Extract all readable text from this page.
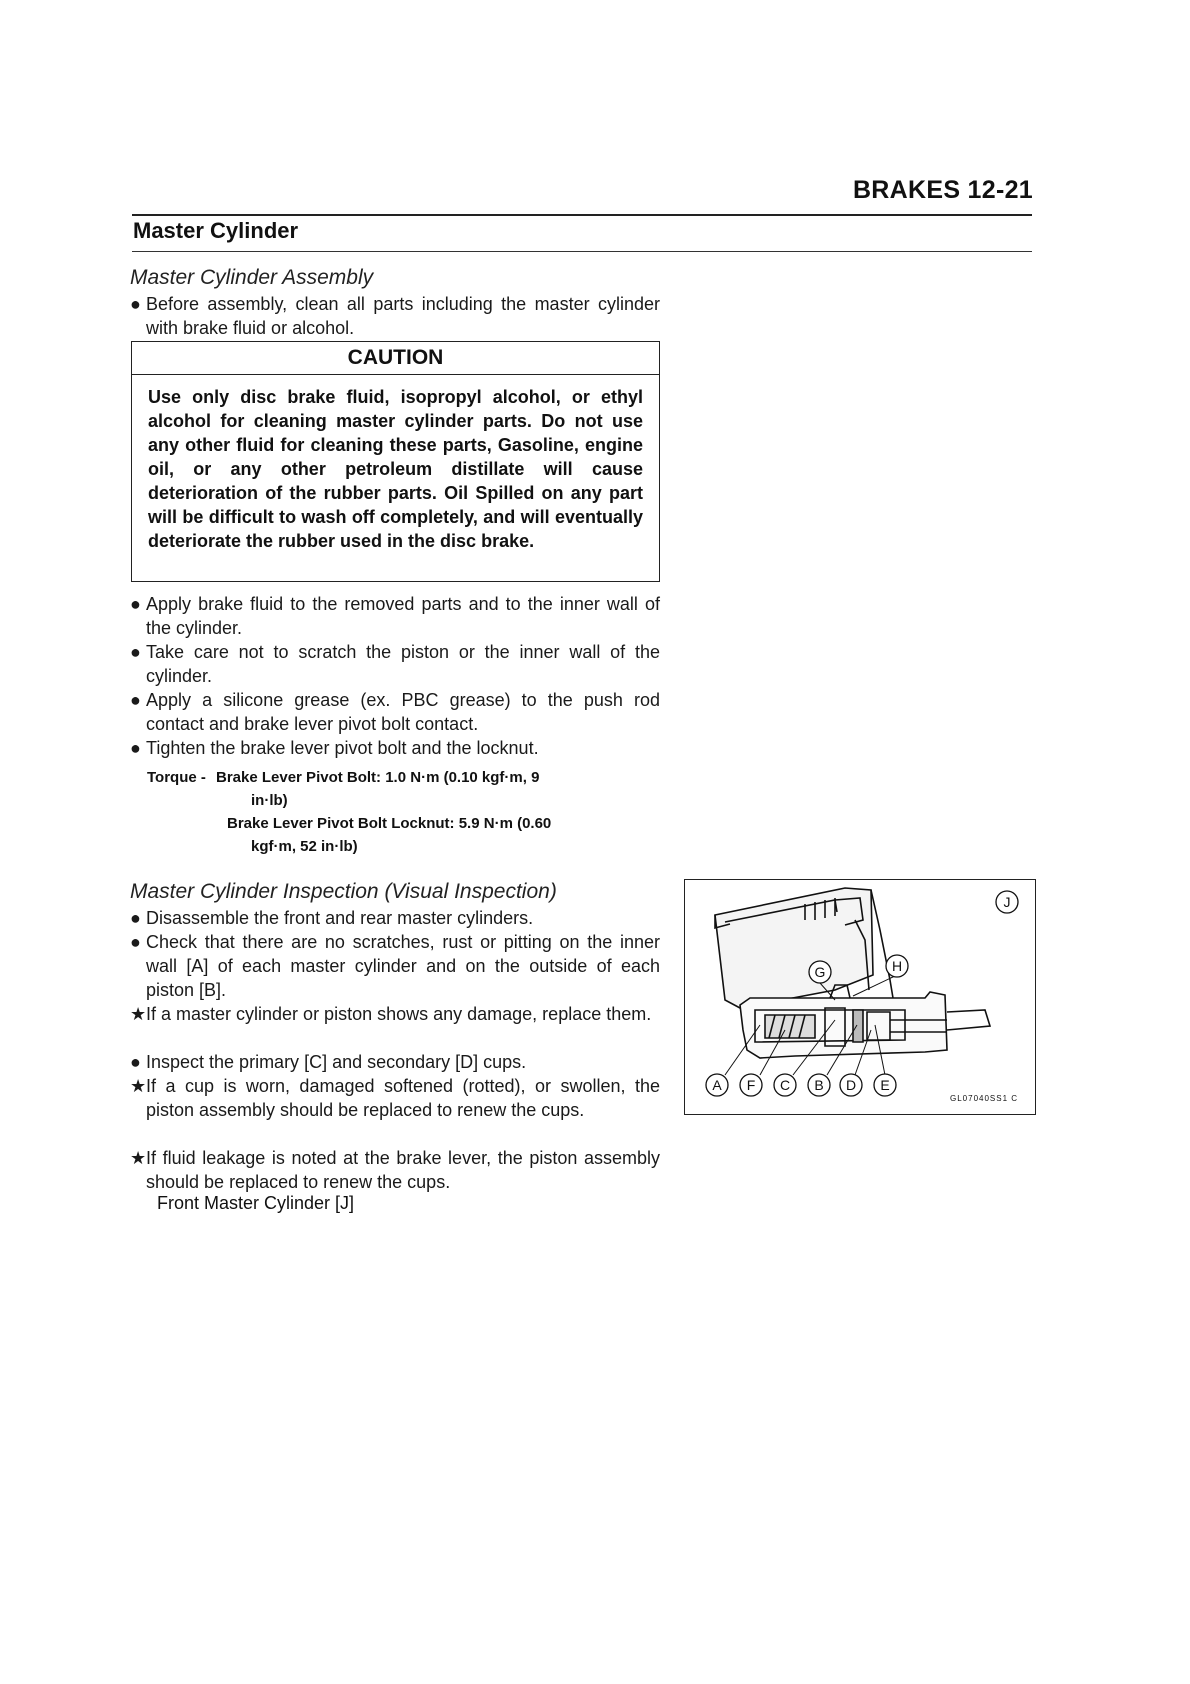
BRAKES 12-21
Master Cylinder
Master Cylinder Assembly
● Before assembly, clean all parts including the master cylinder with brake fluid or alcohol.
CAUTION
Use only disc brake fluid, isopropyl alcohol, or ethyl alcohol for cleaning master cylinder parts. Do not use any other fluid for cleaning these parts, Gasoline, engine oil, or any other petroleum distillate will cause deterioration of the rubber parts. Oil Spilled on any part will be difficult to wash off completely, and will eventually deteriorate the rubber used in the disc brake.
● Apply brake fluid to the removed parts and to the inner wall of the cylinder.
● Take care not to scratch the piston or the inner wall of the cylinder.
● Apply a silicone grease (ex. PBC grease) to the push rod contact and brake lever pivot bolt contact.
● Tighten the brake lever pivot bolt and the locknut.
Torque - Brake Lever Pivot Bolt: 1.0 N·m (0.10 kgf·m, 9
in·lb)
Brake Lever Pivot Bolt Locknut: 5.9 N·m (0.60
kgf·m, 52 in·lb)
Master Cylinder Inspection (Visual Inspection)
● Disassemble the front and rear master cylinders.
● Check that there are no scratches, rust or pitting on the inner wall [A] of each master cylinder and on the outside of each piston [B].
★ If a master cylinder or piston shows any damage, replace them.
● Inspect the primary [C] and secondary [D] cups.
★ If a cup is worn, damaged softened (rotted), or swollen, the piston assembly should be replaced to renew the cups.
★ If fluid leakage is noted at the brake lever, the piston assembly should be replaced to renew the cups.
Front Master Cylinder [J]
G	H
J
A F C B D E
GL07040SS1 C
